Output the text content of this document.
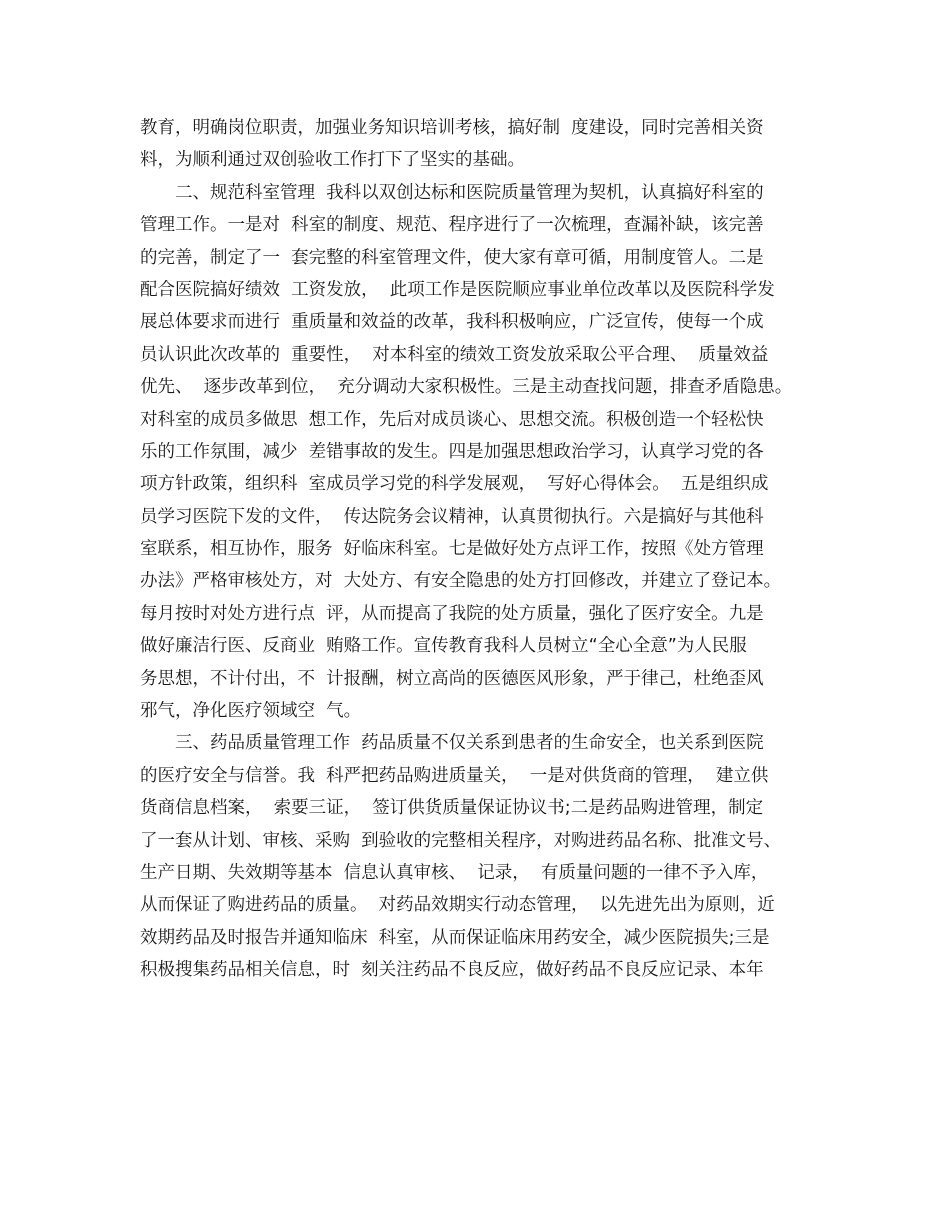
教育，明确岗位职责，加强业务知识培训考核，搞好制  度建设，同时完善相关资
料，为顺利通过双创验收工作打下了坚实的基础。
二、规范科室管理  我科以双创达标和医院质量管理为契机，认真搞好科室的
管理工作。一是对  科室的制度、规范、程序进行了一次梳理，查漏补缺，该完善
的完善，制定了一  套完整的科室管理文件，使大家有章可循，用制度管人。二是
配合医院搞好绩效  工资发放，  此项工作是医院顺应事业单位改革以及医院科学发
展总体要求而进行  重质量和效益的改革，我科积极响应，广泛宣传，使每一个成
员认识此次改革的  重要性，  对本科室的绩效工资发放采取公平合理、  质量效益
优先、  逐步改革到位，  充分调动大家积极性。三是主动查找问题，排查矛盾隐患。
对科室的成员多做思  想工作，先后对成员谈心、思想交流。积极创造一个轻松快
乐的工作氛围，减少  差错事故的发生。四是加强思想政治学习，认真学习党的各
项方针政策，组织科  室成员学习党的科学发展观，  写好心得体会。  五是组织成
员学习医院下发的文件，  传达院务会议精神，认真贯彻执行。六是搞好与其他科
室联系，相互协作，服务  好临床科室。七是做好处方点评工作，按照《处方管理
办法》严格审核处方，对  大处方、有安全隐患的处方打回修改，并建立了登记本。
每月按时对处方进行点  评，从而提高了我院的处方质量，强化了医疗安全。九是
做好廉洁行医、反商业  贿赂工作。宣传教育我科人员树立“全心全意”为人民服
务思想，不计付出，不  计报酬，树立高尚的医德医风形象，严于律己，杜绝歪风
邪气，净化医疗领域空  气。
三、药品质量管理工作  药品质量不仅关系到患者的生命安全，也关系到医院
的医疗安全与信誉。我  科严把药品购进质量关，  一是对供货商的管理，  建立供
货商信息档案，  索要三证，  签订供货质量保证协议书;二是药品购进管理，制定
了一套从计划、审核、采购  到验收的完整相关程序，对购进药品名称、批准文号、
生产日期、失效期等基本  信息认真审核、  记录，  有质量问题的一律不予入库，
从而保证了购进药品的质量。  对药品效期实行动态管理，  以先进先出为原则，近
效期药品及时报告并通知临床  科室，从而保证临床用药安全，减少医院损失;三是
积极搜集药品相关信息，时  刻关注药品不良反应，做好药品不良反应记录、本年
